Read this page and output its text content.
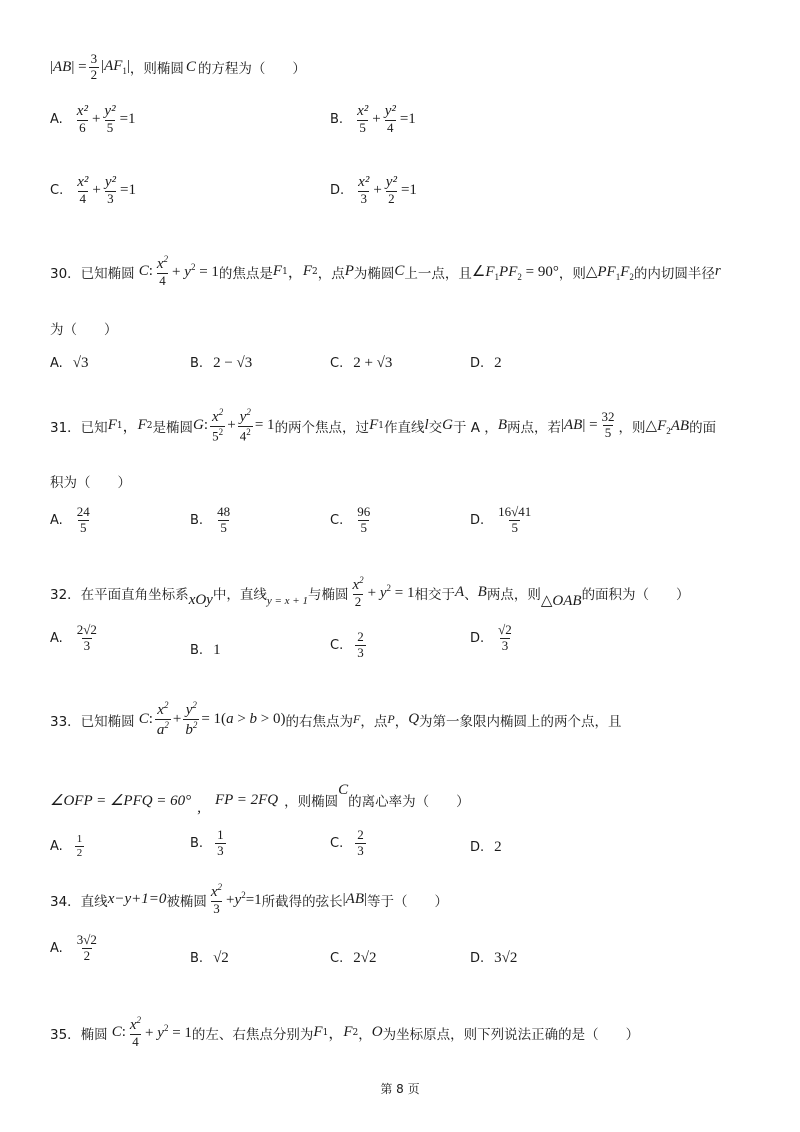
$|AB| = \frac{3}{2} |AF_1|$ ，则椭圆 C 的方程为（　　）
A. $\frac{\text{x²}}{6} + \frac{\text{y²}}{5} =1$	B. $\frac{\text{x²}}{5} + \frac{\text{y²}}{4} =1$
C. $\frac{\text{x²}}{4} + \frac{\text{y²}}{3} =1$	D. $\frac{\text{x²}}{3} + \frac{\text{y²}}{2} =1$
30．已知椭圆 C : $\frac{x^2}{4} + y^2 = 1$ 的焦点是 F 1 ， F 2 ，点 P 为椭圆 C 上一点，且 $\angle F_1PF_2 = 90^\circ$ ，则 $\triangle PF_1F_2$ 的内切圆半径 r
为（　　）
A. √3	B. 2 − √3	C. 2 + √3	D. 2
31．已知 F 1 ， F 2 是椭圆 G : $\frac{x^2}{5^2} + \frac{y^2}{4^2} = 1$ 的两个焦点，过 F 1 作直线 l 交 G 于 A ， B 两点，若 $|AB| = \frac{32}{5}$ ，则 $\triangle F_2AB$ 的面
积为（　　）
A. $\frac{24}{5}$	B. $\frac{48}{5}$	C. $\frac{96}{5}$	D. $\frac{16√41}{5}$
32．在平面直角坐标系 xOy 中，直线 y = x + 1 与椭圆 $\frac{x^2}{2} + y^2 = 1$ 相交于 A 、 B 两点，则 △OAB 的面积为（　　）
A. $\frac{2√2}{3}$	B. 1	C. $\frac{2}{3}$	D. $\frac{√2}{3}$
33．已知椭圆 C : $\frac{x^2}{a^2} + \frac{y^2}{b^2} = 1(a > b > 0)$ 的右焦点为 F ，点 P ， Q 为第一象限内椭圆上的两个点，且
∠OFP = ∠PFQ = 60° , FP = 2FQ ，则椭圆
C
的离心率为（　　）
A. $\frac{1}{2}$	B. $\frac{1}{3}$	C. $\frac{2}{3}$	D. 2
34．直线 x−y+1=0 被椭圆 $\frac{x^2}{3} +y^2=1$ 所截得的弦长 |AB| 等于（　　）
A. $\frac{3√2}{2}$	B. √2	C. 2√2	D. 3√2
35．椭圆 C : $\frac{x^2}{4} + y^2 = 1$ 的左、右焦点分别为 F 1 ， F 2 ， O 为坐标原点，则下列说法正确的是（　　）
第 8 页
